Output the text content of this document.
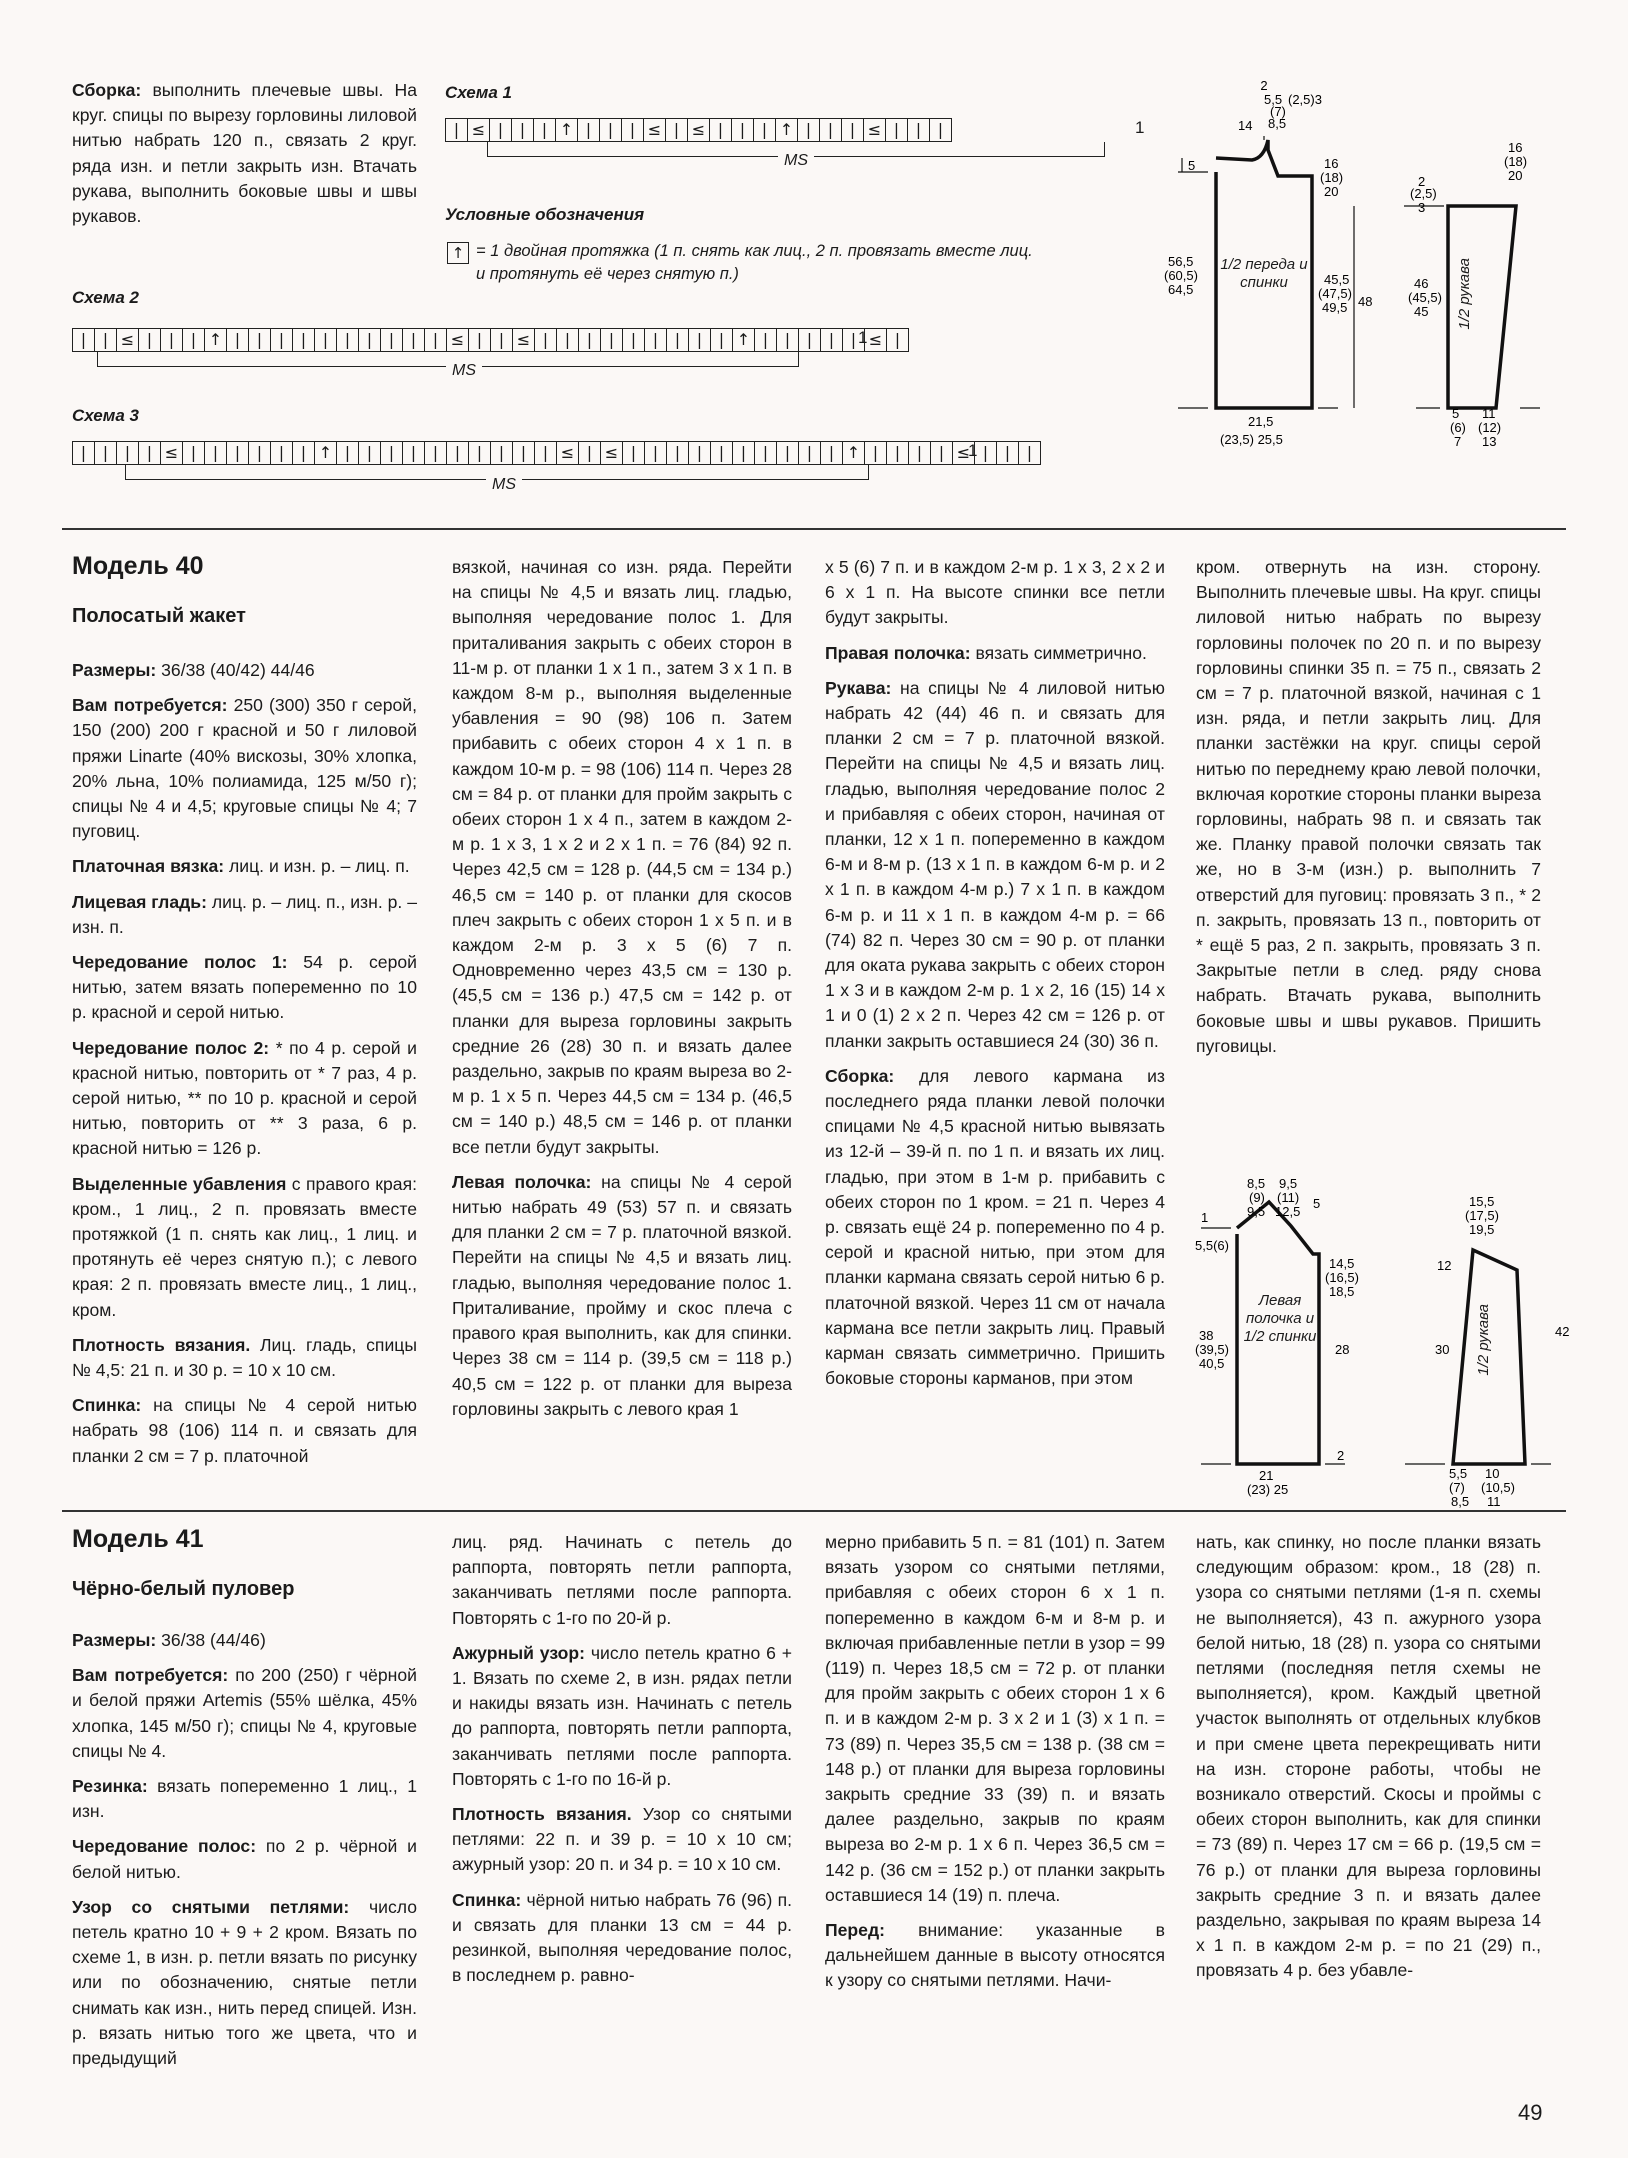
Сборка: выполнить плечевые швы. На круг. спицы по вырезу горловины лиловой нитью набрать 120 п., связать 2 круг. ряда изн. и петли закрыть изн. Втачать рукава, выполнить боковые швы и швы рукавов.

Схема 1
| ≤ |	|	| ↑ |	|	| ≤ | ≤ |	|	| ↑ |	|	| ≤ |	|	|	1
MS
Условные обозначения
↑ = 1 двойная протяжка (1 п. снять как лиц., 2 п. провязать вместе лиц. и протянуть её через снятую п.)
Схема 2
|	| ≤ |	|	| ↑ |	|	|	|	|	|	|	|	|	| ≤ |	| ≤ |	|	|	|	|	|	|	|	| ↑ |	|	|	|	| ≤ |
1
MS
Схема 3
|	|	|	| ≤ |	|	|	|	|	| ↑ |	|	|	|	|	|	|	|	|	| ≤ | ≤ |	|	|	|	|	|	|	|	|	| ↑ |	|	|	| ≤ |	|	|
1
MS
2
14
5,5 (2,5)3
(7)
8,5
5	16
(18)
20
56,5
(60,5)
64,5
45,5
(47,5)
49,5
1/2 переда и спинки
21,5
(23,5) 25,5
16
(18)
20
2
(2,5)
3
46
(45,5)
45
48
5
(6)
7
11
(12)
13
1/2 рукава
Модель 40
Полосатый жакет

Размеры: 36/38 (40/42) 44/46

Вам потребуется: 250 (300) 350 г серой, 150 (200) 200 г красной и 50 г лиловой пряжи Linarte (40% вискозы, 30% хлопка, 20% льна, 10% полиамида, 125 м/50 г); спицы № 4 и 4,5; круговые спицы № 4; 7 пуговиц.

Платочная вязка: лиц. и изн. р. – лиц. п.

Лицевая гладь: лиц. р. – лиц. п., изн. р. – изн. п.

Чередование полос 1: 54 р. серой нитью, затем вязать попеременно по 10 р. красной и серой нитью.

Чередование полос 2: * по 4 р. серой и красной нитью, повторить от * 7 раз, 4 р. серой нитью, ** по 10 р. красной и серой нитью, повторить от ** 3 раза, 6 р. красной нитью = 126 р.

Выделенные убавления с правого края: кром., 1 лиц., 2 п. провязать вместе протяжкой (1 п. снять как лиц., 1 лиц. и протянуть её через снятую п.); с левого края: 2 п. провязать вместе лиц., 1 лиц., кром.

Плотность вязания. Лиц. гладь, спицы № 4,5: 21 п. и 30 р. = 10 x 10 см.

Спинка: на спицы № 4 серой нитью набрать 98 (106) 114 п. и связать для планки 2 см = 7 р. платочной

вязкой, начиная со изн. ряда. Перейти на спицы № 4,5 и вязать лиц. гладью, выполняя чередование полос 1. Для приталивания закрыть с обеих сторон в 11-м р. от планки 1 x 1 п., затем 3 x 1 п. в каждом 8-м р., выполняя выделенные убавления = 90 (98) 106 п. Затем прибавить с обеих сторон 4 x 1 п. в каждом 10-м р. = 98 (106) 114 п. Через 28 см = 84 р. от планки для пройм закрыть с обеих сторон 1 x 4 п., затем в каждом 2-м р. 1 x 3, 1 x 2 и 2 x 1 п. = 76 (84) 92 п. Через 42,5 см = 128 р. (44,5 см = 134 р.) 46,5 см = 140 р. от планки для скосов плеч закрыть с обеих сторон 1 x 5 п. и в каждом 2-м р. 3 x 5 (6) 7 п. Одновременно через 43,5 см = 130 р. (45,5 см = 136 р.) 47,5 см = 142 р. от планки для выреза горловины закрыть средние 26 (28) 30 п. и вязать далее раздельно, закрыв по краям выреза во 2-м р. 1 x 5 п. Через 44,5 см = 134 р. (46,5 см = 140 р.) 48,5 см = 146 р. от планки все петли будут закрыты.

Левая полочка: на спицы № 4 серой нитью набрать 49 (53) 57 п. и связать для планки 2 см = 7 р. платочной вязкой. Перейти на спицы № 4,5 и вязать лиц. гладью, выполняя чередование полос 1. Приталивание, пройму и скос плеча с правого края выполнить, как для спинки. Через 38 см = 114 р. (39,5 см = 118 р.) 40,5 см = 122 р. от планки для выреза горловины закрыть с левого края 1

x 5 (6) 7 п. и в каждом 2-м р. 1 x 3, 2 x 2 и 6 x 1 п. На высоте спинки все петли будут закрыты.

Правая полочка: вязать симметрично.

Рукава: на спицы № 4 лиловой нитью набрать 42 (44) 46 п. и связать для планки 2 см = 7 р. платочной вязкой. Перейти на спицы № 4,5 и вязать лиц. гладью, выполняя чередование полос 2 и прибавляя с обеих сторон, начиная от планки, 12 x 1 п. попеременно в каждом 6-м и 8-м р. (13 x 1 п. в каждом 6-м р. и 2 x 1 п. в каждом 4-м р.) 7 x 1 п. в каждом 6-м р. и 11 x 1 п. в каждом 4-м р. = 66 (74) 82 п. Через 30 см = 90 р. от планки для оката рукава закрыть с обеих сторон 1 x 3 и в каждом 2-м р. 1 x 2, 16 (15) 14 x 1 и 0 (1) 2 x 2 п. Через 42 см = 126 р. от планки закрыть оставшиеся 24 (30) 36 п.

Сборка: для левого кармана из последнего ряда планки левой полочки спицами № 4,5 красной нитью вывязать из 12-й – 39-й п. по 1 п. и вязать их лиц. гладью, при этом в 1-м р. прибавить с обеих сторон по 1 кром. = 21 п. Через 4 р. связать ещё 24 р. попеременно по 4 р. серой и красной нитью, при этом для планки кармана связать серой нитью 6 р. платочной вязкой. Через 11 см от начала кармана все петли закрыть лиц. Правый карман связать симметрично. Пришить боковые стороны карманов, при этом

кром. отвернуть на изн. сторону. Выполнить плечевые швы. На круг. спицы лиловой нитью набрать по вырезу горловины полочек по 20 п. и по вырезу горловины спинки 35 п. = 75 п., связать 2 см = 7 р. платочной вязкой, начиная с 1 изн. ряда, и петли закрыть лиц. Для планки застёжки на круг. спицы серой нитью по переднему краю левой полочки, включая короткие стороны планки выреза горловины, набрать 98 п. и связать так же. Планку правой полочки связать так же, но в 3-м (изн.) р. выполнить 7 отверстий для пуговиц: провязать 3 п., * 2 п. закрыть, провязать 13 п., повторить от * ещё 5 раз, 2 п. закрыть, провязать 3 п. Закрытые петли в след. ряду снова набрать. Втачать рукава, выполнить боковые швы и швы рукавов. Пришить пуговицы.

8,5
(9)
9,5
9,5
(11)
12,5
5
1
5,5(6)
14,5
(16,5)
18,5
38
(39,5)
40,5
28
2
21
(23) 25
Левая полочка и 1/2 спинки
15,5
(17,5)
19,5
12
30
42
5,5
(7)
8,5
10
(10,5)
11
1/2 рукава
Модель 41
Чёрно-белый пуловер

Размеры: 36/38 (44/46)

Вам потребуется: по 200 (250) г чёрной и белой пряжи Artemis (55% шёлка, 45% хлопка, 145 м/50 г); спицы № 4, круговые спицы № 4.

Резинка: вязать попеременно 1 лиц., 1 изн.

Чередование полос: по 2 р. чёрной и белой нитью.

Узор со снятыми петлями: число петель кратно 10 + 9 + 2 кром. Вязать по схеме 1, в изн. р. петли вязать по рисунку или по обозначению, снятые петли снимать как изн., нить перед спицей. Изн. р. вязать нитью того же цвета, что и предыдущий

лиц. ряд. Начинать с петель до раппорта, повторять петли раппорта, заканчивать петлями после раппорта. Повторять с 1-го по 20-й р.

Ажурный узор: число петель кратно 6 + 1. Вязать по схеме 2, в изн. рядах петли и накиды вязать изн. Начинать с петель до раппорта, повторять петли раппорта, заканчивать петлями после раппорта. Повторять с 1-го по 16-й р.

Плотность вязания. Узор со снятыми петлями: 22 п. и 39 р. = 10 x 10 см; ажурный узор: 20 п. и 34 р. = 10 x 10 см.

Спинка: чёрной нитью набрать 76 (96) п. и связать для планки 13 см = 44 р. резинкой, выполняя чередование полос, в последнем р. равно-

мерно прибавить 5 п. = 81 (101) п. Затем вязать узором со снятыми петлями, прибавляя с обеих сторон 6 x 1 п. попеременно в каждом 6-м и 8-м р. и включая прибавленные петли в узор = 99 (119) п. Через 18,5 см = 72 р. от планки для пройм закрыть с обеих сторон 1 x 6 п. и в каждом 2-м р. 3 x 2 и 1 (3) x 1 п. = 73 (89) п. Через 35,5 см = 138 р. (38 см = 148 р.) от планки для выреза горловины закрыть средние 33 (39) п. и вязать далее раздельно, закрыв по краям выреза во 2-м р. 1 x 6 п. Через 36,5 см = 142 р. (36 см = 152 р.) от планки закрыть оставшиеся 14 (19) п. плеча.

Перед: внимание: указанные в дальнейшем данные в высоту относятся к узору со снятыми петлями. Начи-

нать, как спинку, но после планки вязать следующим образом: кром., 18 (28) п. узора со снятыми петлями (1-я п. схемы не выполняется), 43 п. ажурного узора белой нитью, 18 (28) п. узора со снятыми петлями (последняя петля схемы не выполняется), кром. Каждый цветной участок выполнять от отдельных клубков и при смене цвета перекрещивать нити на изн. стороне работы, чтобы не возникало отверстий. Скосы и проймы с обеих сторон выполнить, как для спинки = 73 (89) п. Через 17 см = 66 р. (19,5 см = 76 р.) от планки для выреза горловины закрыть средние 3 п. и вязать далее раздельно, закрывая по краям выреза 14 x 1 п. в каждом 2-м р. = по 21 (29) п., провязать 4 р. без убавле-

49
